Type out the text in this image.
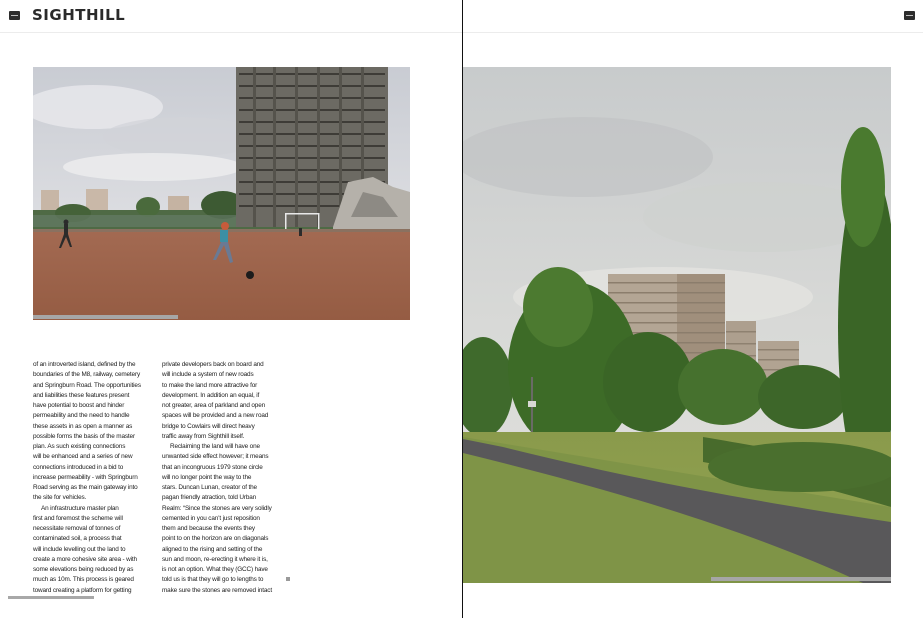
SIGHTHILL

of an introverted island, defined by the

boundaries of the M8, railway, cemetery

and Springburn Road. The opportunities

and liabilities these features present

have potential to boost and hinder

permeability and the need to handle

these assets in as open a manner as

possible forms the basis of the master

plan. As such existing connections

will be enhanced and a series of new

connections introduced in a bid to

increase permeability - with Springburn

Road serving as the main gateway into

the site for vehicles.

An infrastructure master plan

first and foremost the scheme will

necessitate removal of tonnes of

contaminated soil, a process that

will include levelling out the land to

create a more cohesive site area - with

some elevations being reduced by as

much as 10m. This process is geared

toward creating a platform for getting

private developers back on board and

will include a system of new roads

to make the land more attractive for

development. In addition an equal, if

not greater, area of parkland and open

spaces will be provided and a new road

bridge to Cowlairs will direct heavy

traffic away from Sighthill itself.

Reclaiming the land will have one

unwanted side effect however; it means

that an incongruous 1979 stone circle

will no longer point the way to the

stars. Duncan Lunan, creator of the

pagan friendly atraction, told Urban

Realm: “Since the stones are very solidly

cemented in you can’t just reposition

them and because the events they

point to on the horizon are on diagonals

aligned to the rising and setting of the

sun and moon, re-erecting it where it is,

is not an option. What they (GCC) have

told us is that they will go to lengths to

make sure the stones are removed intact
